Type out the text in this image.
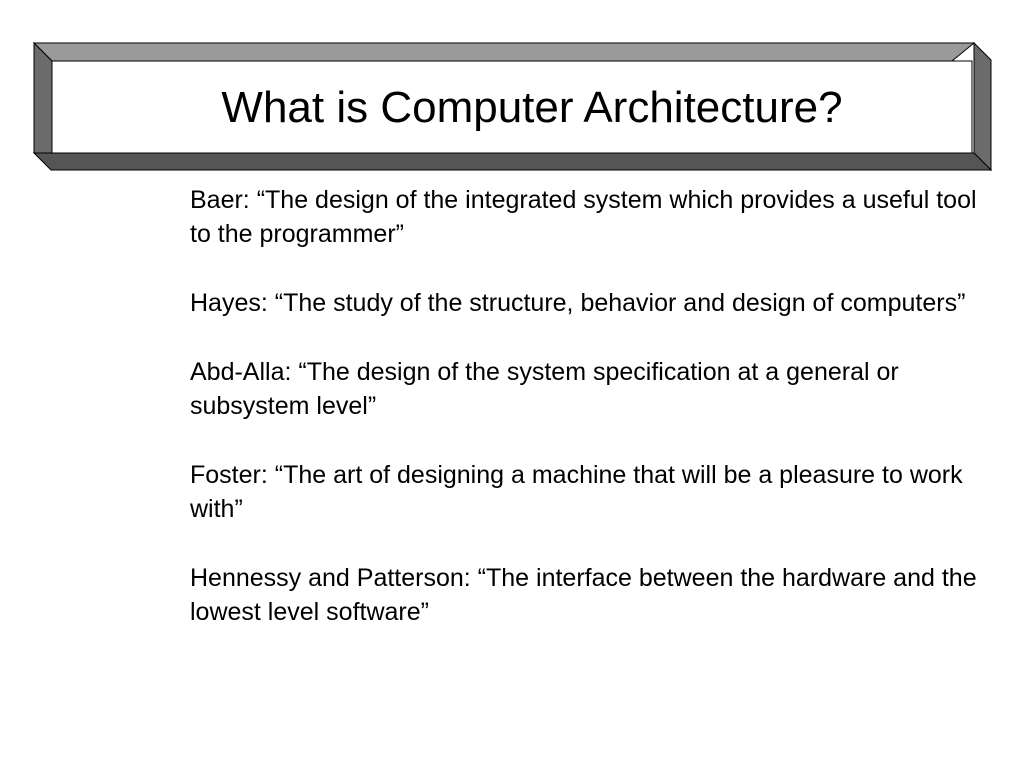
What is Computer Architecture?
Baer: “The design of the integrated system which provides a useful tool to the programmer”
Hayes: “The study of the structure, behavior and design of computers”
Abd-Alla: “The design of the system specification at a general or subsystem level”
Foster: “The art of designing a machine that will be a pleasure to work with”
Hennessy and Patterson: “The interface between the hardware and the lowest level software”
